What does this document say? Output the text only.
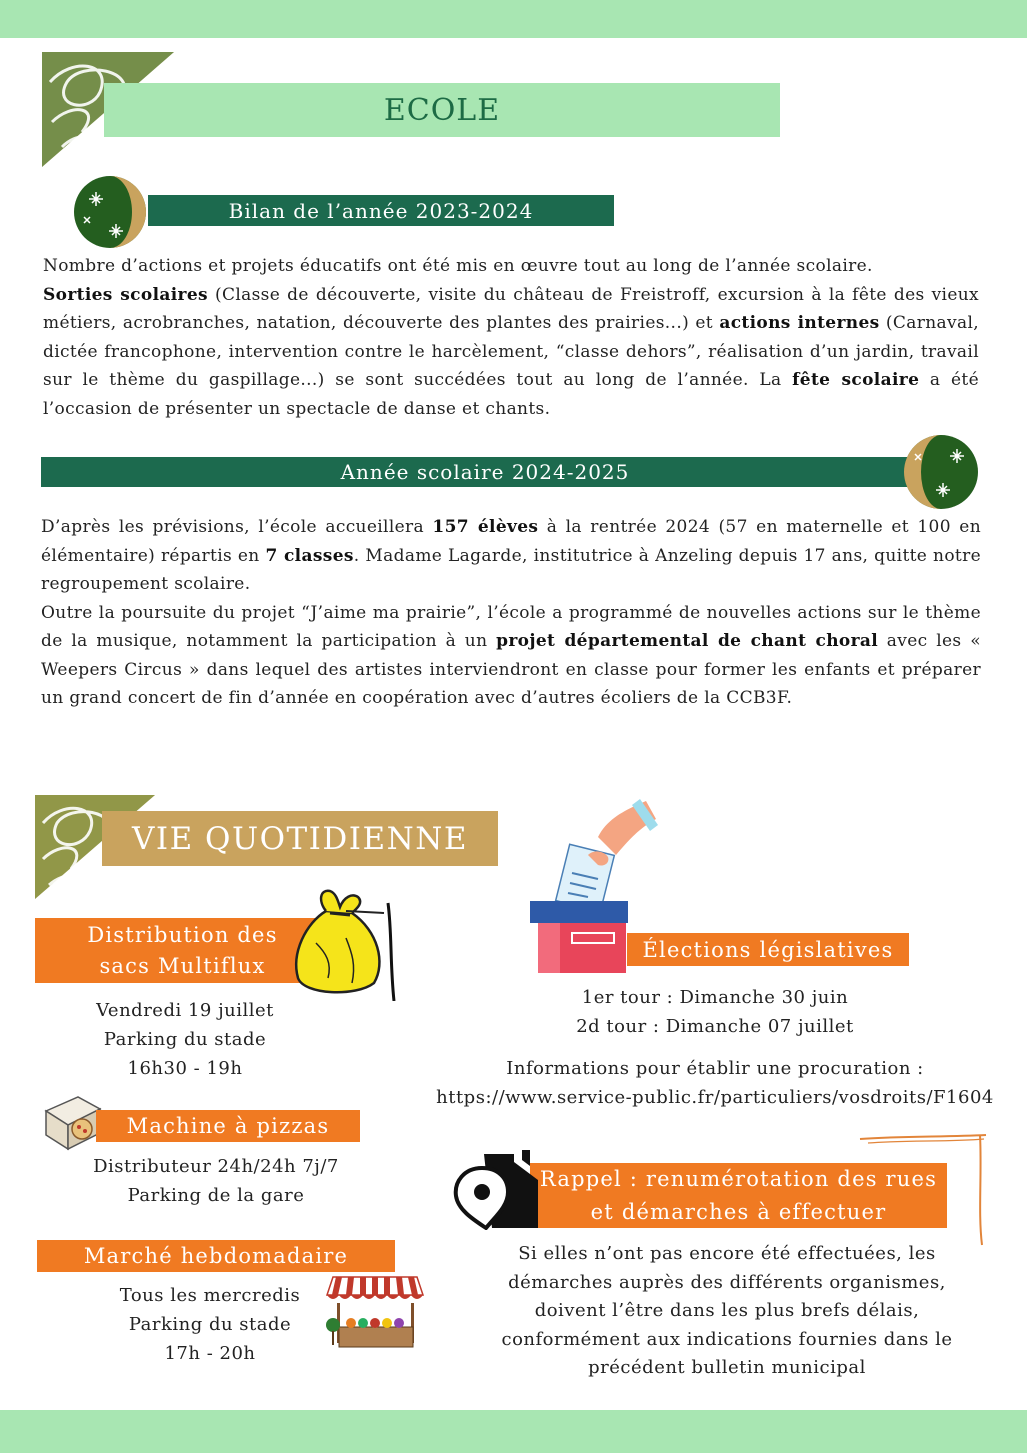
ECOLE
Bilan de l’année 2023-2024
Nombre d’actions et projets éducatifs ont été mis en œuvre tout au long de l’année scolaire.
Sorties scolaires (Classe de découverte, visite du château de Freistroff, excursion à la fête des vieux métiers, acrobranches, natation, découverte des plantes des prairies...) et actions internes (Carnaval, dictée francophone, intervention contre le harcèlement, “classe dehors”, réalisation d’un jardin, travail sur le thème du gaspillage...) se sont succédées tout au long de l’année. La fête scolaire a été l’occasion de présenter un spectacle de danse et chants.
Année scolaire 2024-2025
D’après les prévisions, l’école accueillera 157 élèves à la rentrée 2024 (57 en maternelle et 100 en élémentaire) répartis en 7 classes. Madame Lagarde, institutrice à Anzeling depuis 17 ans, quitte notre regroupement scolaire.
Outre la poursuite du projet “J’aime ma prairie”, l’école a programmé de nouvelles actions sur le thème de la musique, notamment la participation à un projet départemental de chant choral avec les « Weepers Circus » dans lequel des artistes interviendront en classe pour former les enfants et préparer un grand concert de fin d’année en coopération avec d’autres écoliers de la CCB3F.
VIE QUOTIDIENNE
Distribution des
sacs Multiflux
Vendredi 19 juillet
Parking du stade
16h30 - 19h
Machine à pizzas
Distributeur 24h/24h 7j/7
Parking de la gare
Marché hebdomadaire
Tous les mercredis
Parking du stade
17h - 20h
Élections législatives
1er tour : Dimanche 30 juin
2d tour : Dimanche 07 juillet
Informations pour établir une procuration :
https://www.service-public.fr/particuliers/vosdroits/F1604
Rappel : renumérotation des rues
et démarches à effectuer
Si elles n’ont pas encore été effectuées, les
démarches auprès des différents organismes,
doivent l’être dans les plus brefs délais,
conformément aux indications fournies dans le
précédent bulletin municipal
